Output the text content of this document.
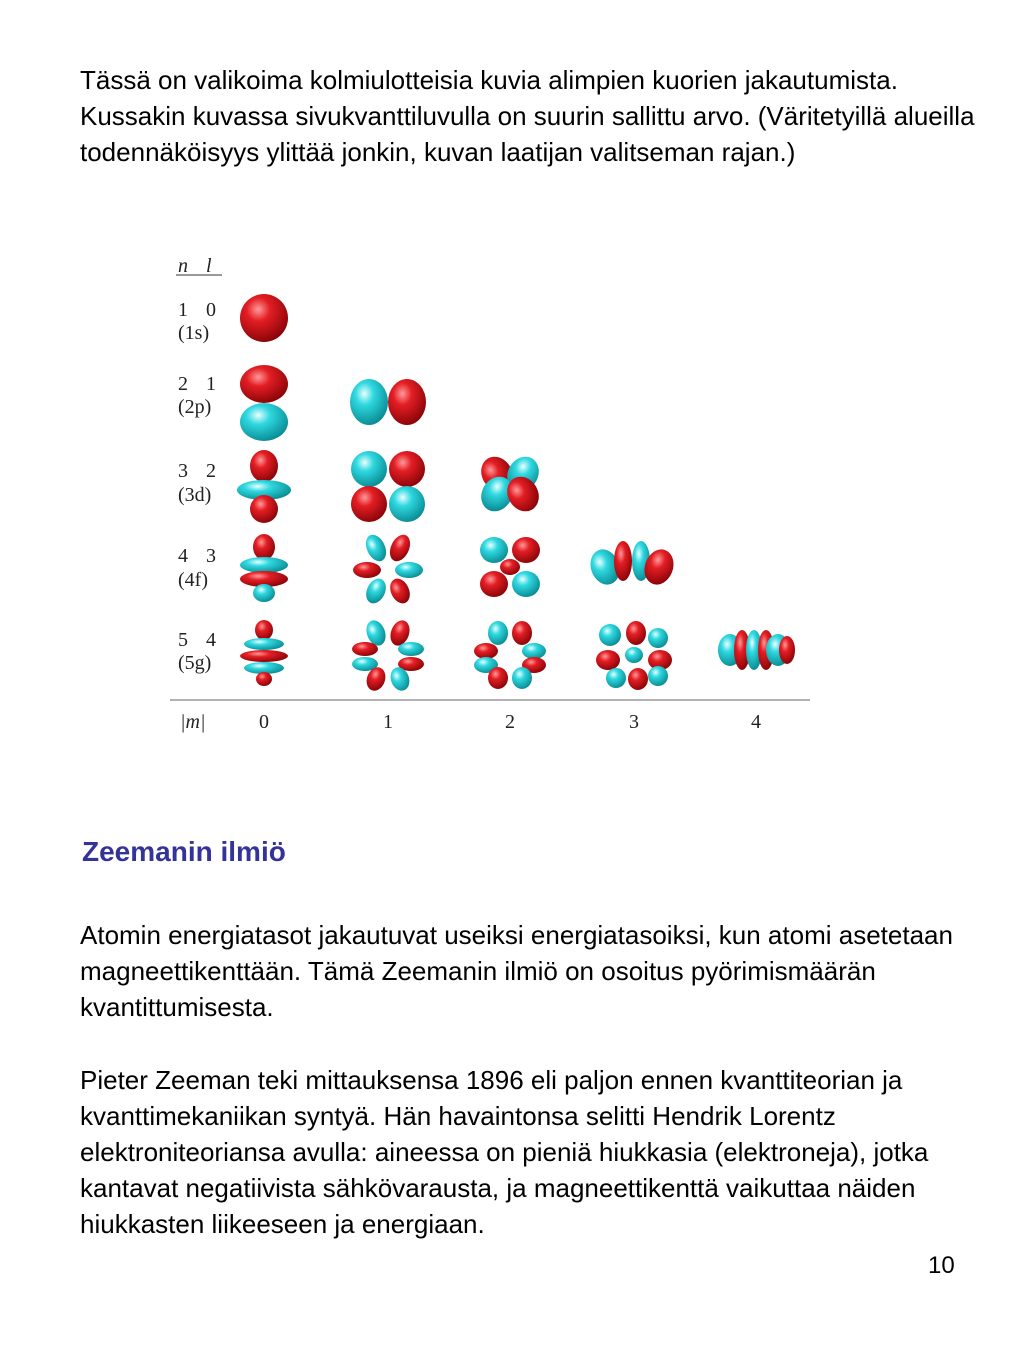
Tässä on valikoima kolmiulotteisia kuvia alimpien kuorien jakautumista. Kussakin kuvassa sivukvanttiluvulla on suurin sallittu arvo. (Väritetyillä alueilla todennäköisyys ylittää jonkin, kuvan laatijan valitseman rajan.)

n l
1 0
(1s)
2 1
(2p)
3 2
(3d)
4 3
(4f)
5 4
(5g)
|m|	0	1	2	3	4
Zeemanin ilmiö

Atomin energiatasot jakautuvat useiksi energiatasoiksi, kun atomi asetetaan magneettikenttään. Tämä Zeemanin ilmiö on osoitus pyörimismäärän kvantittumisesta.

Pieter Zeeman teki mittauksensa 1896 eli paljon ennen kvanttiteorian ja kvanttimekaniikan syntyä. Hän havaintonsa selitti Hendrik Lorentz elektroniteoriansa avulla: aineessa on pieniä hiukkasia (elektroneja), jotka kantavat negatiivista sähkövarausta, ja magneettikenttä vaikuttaa näiden hiukkasten liikeeseen ja energiaan.

10
